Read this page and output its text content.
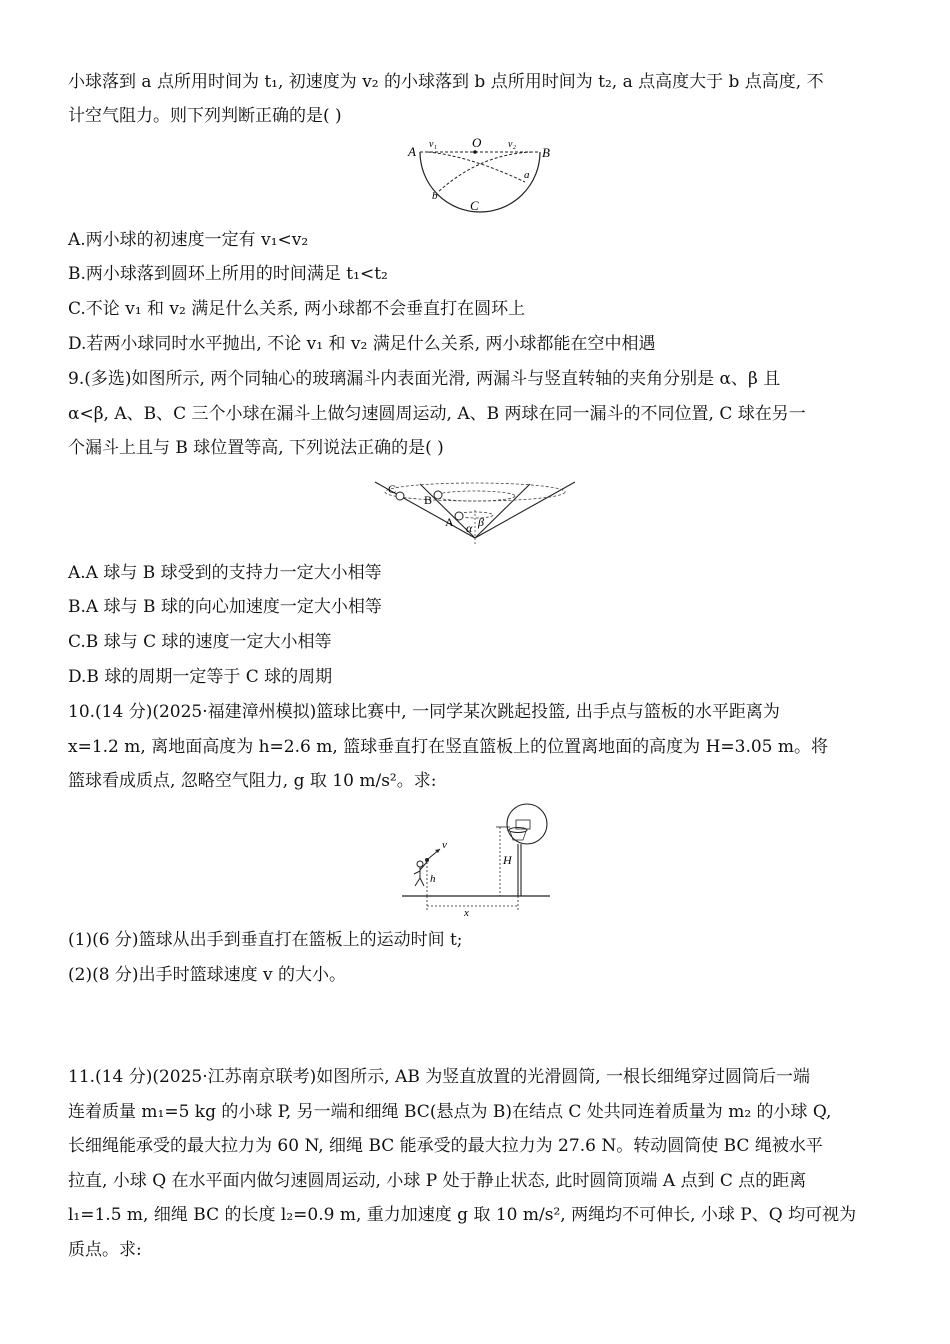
小球落到 a 点所用时间为 t₁, 初速度为 v₂ 的小球落到 b 点所用时间为 t₂, a 点高度大于 b 点高度, 不
计空气阻力。则下列判断正确的是( )
A	B
O
v₁	v₂
a
b
C
A.两小球的初速度一定有 v₁<v₂
B.两小球落到圆环上所用的时间满足 t₁<t₂
C.不论 v₁ 和 v₂ 满足什么关系, 两小球都不会垂直打在圆环上
D.若两小球同时水平抛出, 不论 v₁ 和 v₂ 满足什么关系, 两小球都能在空中相遇
9.(多选)如图所示, 两个同轴心的玻璃漏斗内表面光滑, 两漏斗与竖直转轴的夹角分别是 α、β 且
α<β, A、B、C 三个小球在漏斗上做匀速圆周运动, A、B 两球在同一漏斗的不同位置, C 球在另一
个漏斗上且与 B 球位置等高, 下列说法正确的是( )
C
B
A α β
A.A 球与 B 球受到的支持力一定大小相等
B.A 球与 B 球的向心加速度一定大小相等
C.B 球与 C 球的速度一定大小相等
D.B 球的周期一定等于 C 球的周期
10.(14 分)(2025·福建漳州模拟)篮球比赛中, 一同学某次跳起投篮, 出手点与篮板的水平距离为
x=1.2 m, 离地面高度为 h=2.6 m, 篮球垂直打在竖直篮板上的位置离地面的高度为 H=3.05 m。将
篮球看成质点, 忽略空气阻力, g 取 10 m/s²。求:
H
v
h
x
(1)(6 分)篮球从出手到垂直打在篮板上的运动时间 t;
(2)(8 分)出手时篮球速度 v 的大小。
11.(14 分)(2025·江苏南京联考)如图所示, AB 为竖直放置的光滑圆筒, 一根长细绳穿过圆筒后一端
连着质量 m₁=5 kg 的小球 P, 另一端和细绳 BC(悬点为 B)在结点 C 处共同连着质量为 m₂ 的小球 Q,
长细绳能承受的最大拉力为 60 N, 细绳 BC 能承受的最大拉力为 27.6 N。转动圆筒使 BC 绳被水平
拉直, 小球 Q 在水平面内做匀速圆周运动, 小球 P 处于静止状态, 此时圆筒顶端 A 点到 C 点的距离
l₁=1.5 m, 细绳 BC 的长度 l₂=0.9 m, 重力加速度 g 取 10 m/s², 两绳均不可伸长, 小球 P、Q 均可视为
质点。求:
